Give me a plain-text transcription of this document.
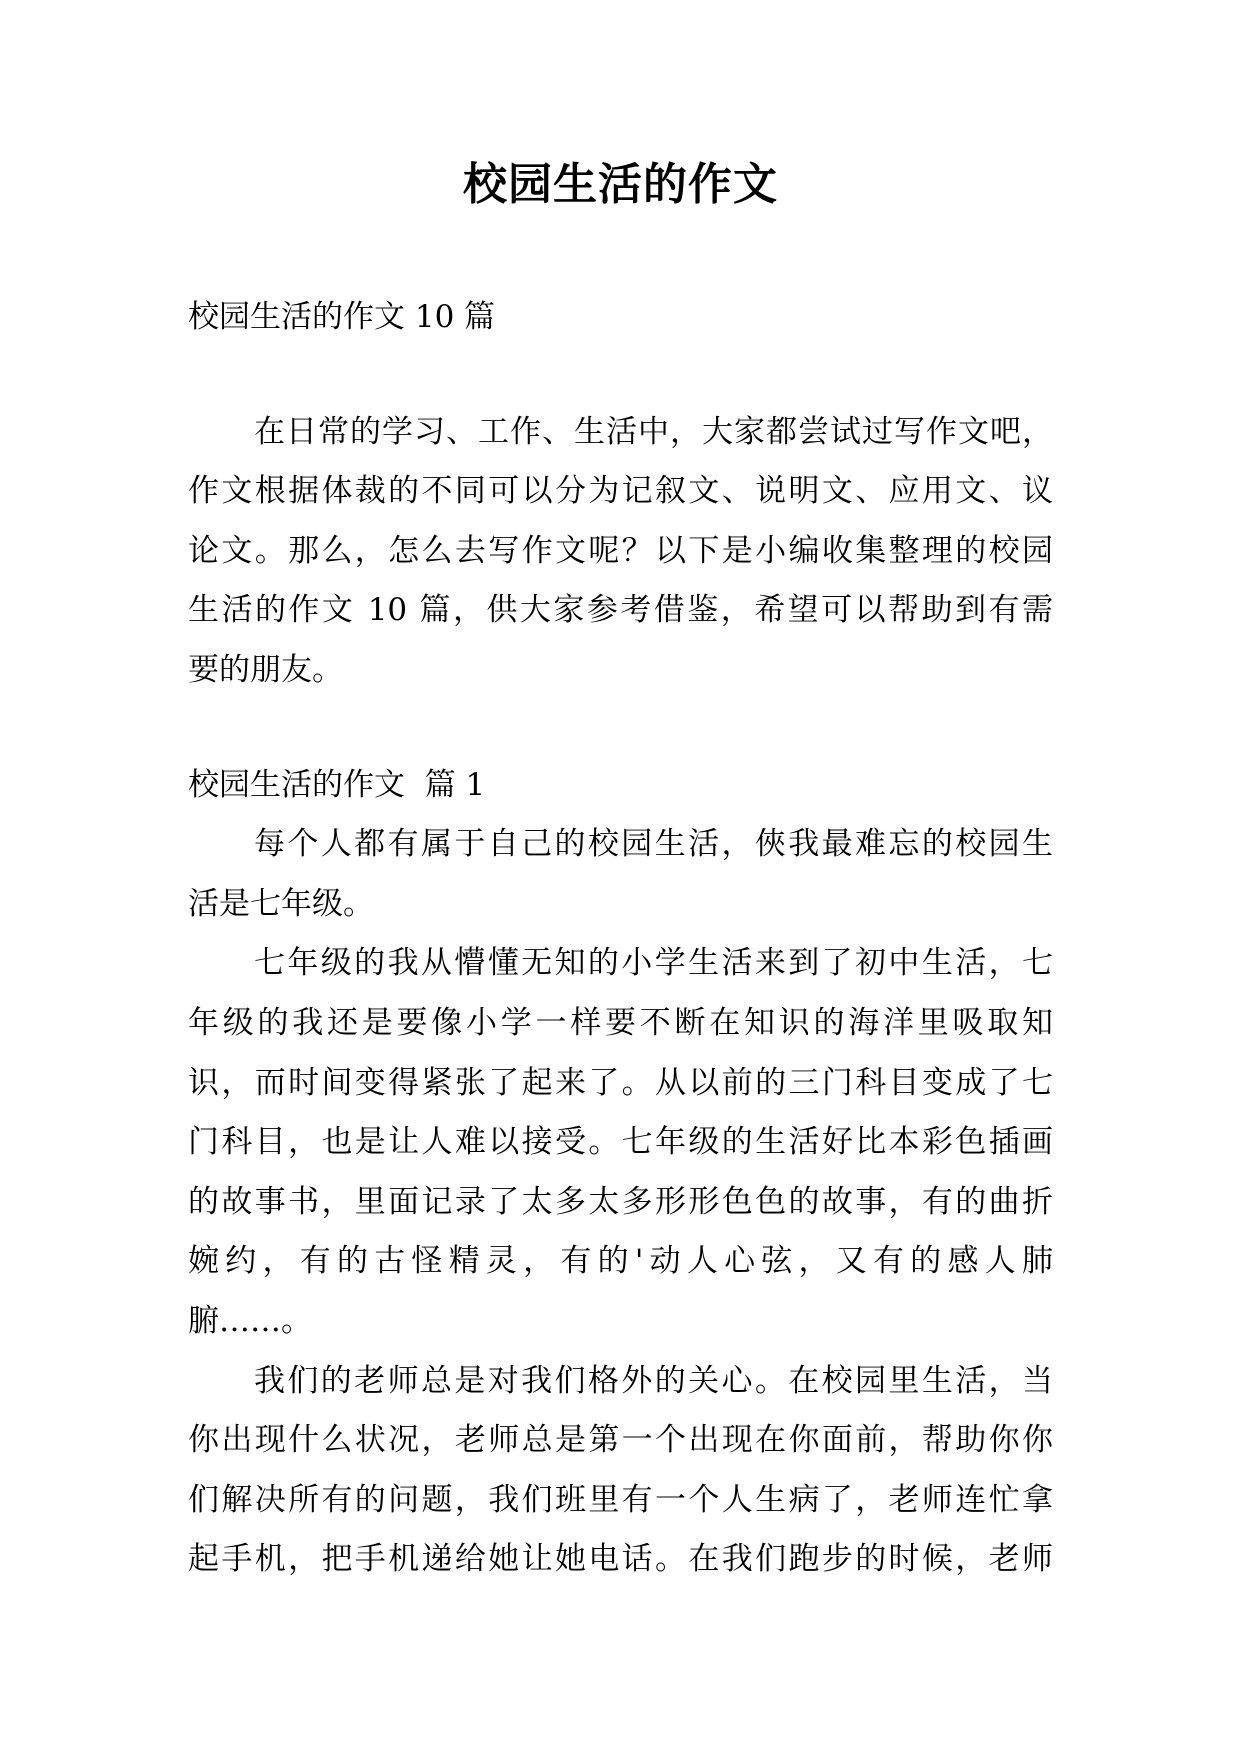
校园生活的作文
校园生活的作文 10 篇
在日常的学习、工作、生活中，大家都尝试过写作文吧，
作文根据体裁的不同可以分为记叙文、说明文、应用文、议
论文。那么，怎么去写作文呢？以下是小编收集整理的校园
生活的作文 10 篇，供大家参考借鉴，希望可以帮助到有需
要的朋友。
校园生活的作文  篇 1
每个人都有属于自己的校园生活，俠我最难忘的校园生
活是七年级。
七年级的我从懵懂无知的小学生活来到了初中生活，七
年级的我还是要像小学一样要不断在知识的海洋里吸取知
识，而时间变得紧张了起来了。从以前的三门科目变成了七
门科目，也是让人难以接受。七年级的生活好比本彩色插画
的故事书，里面记录了太多太多形形色色的故事，有的曲折
婉约，有的古怪精灵，有的'动人心弦，又有的感人肺
腑……。
我们的老师总是对我们格外的关心。在校园里生活，当
你出现什么状况，老师总是第一个出现在你面前，帮助你你
们解决所有的问题，我们班里有一个人生病了，老师连忙拿
起手机，把手机递给她让她电话。在我们跑步的时候，老师
